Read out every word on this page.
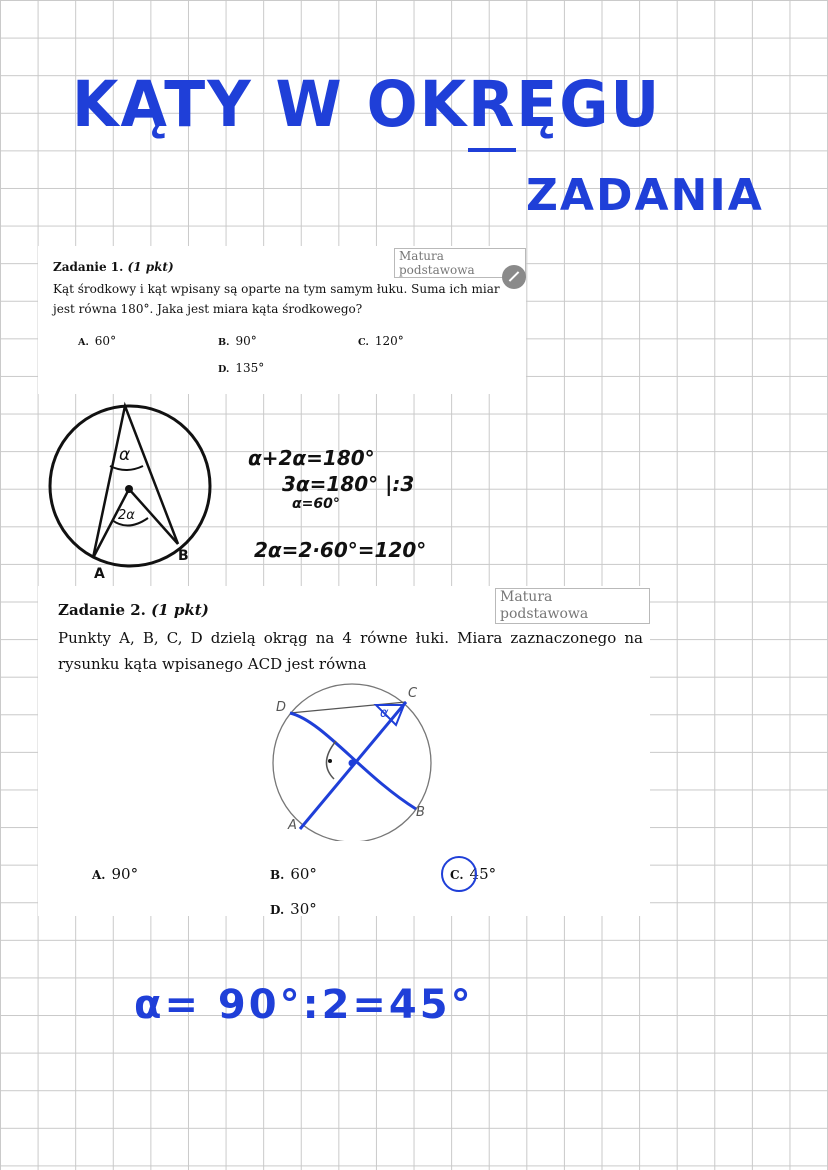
KĄTY W OKRĘGU
ZADANIA
Matura podstawowa
Zadanie 1. (1 pkt)
Kąt środkowy i kąt wpisany są oparte na tym samym łuku. Suma ich miar jest równa 180°. Jaka jest miara kąta środkowego?
A. 60°	B. 90°	C. 120°
D. 135°
α
2α
A
B
α+2α=180°
3α=180° |:3
α=60°
2α=2·60°=120°
Matura podstawowa
Zadanie 2. (1 pkt)
Punkty A, B, C, D dzielą okrąg na 4 równe łuki. Miara zaznaczonego na rysunku kąta wpisanego ACD jest równa
α
D
C
A
B
A. 90°	B. 60°	C. 45°
D. 30°
α= 90°:2=45°
